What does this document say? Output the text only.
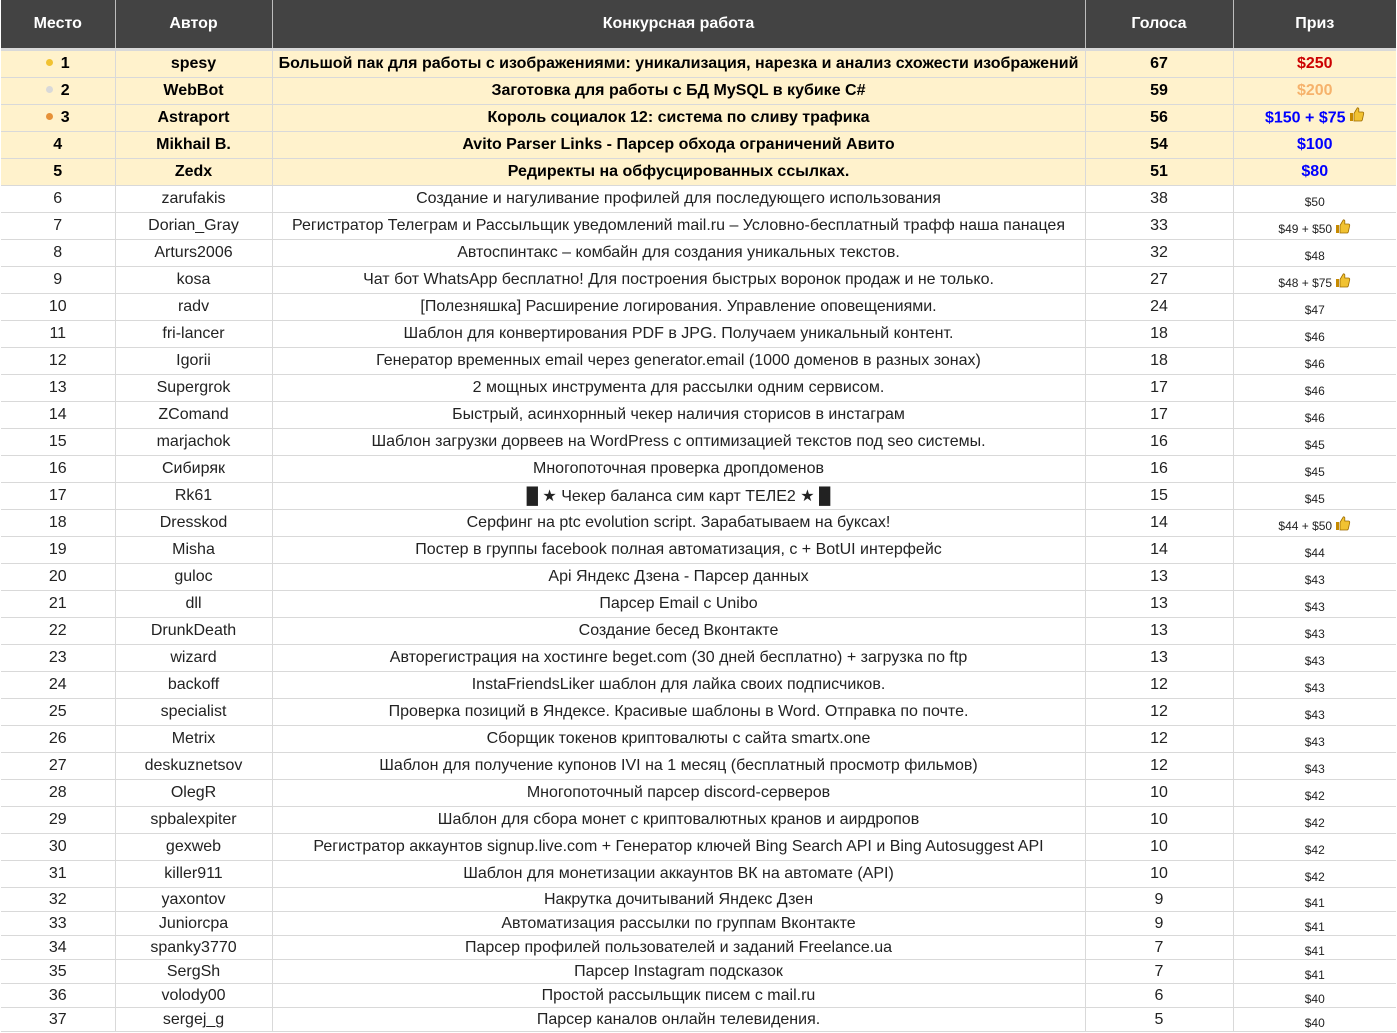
Место	Автор	Конкурсная работа	Голоса	Приз

1	spesy	Большой пак для работы с изображениями: уникализация, нарезка и анализ схожести изображений	67	$250
2	WebBot	Заготовка для работы с БД MySQL в кубике C#	59	$200
3	Astraport	Король социалок 12: система по сливу трафика	56	$150 + $75
4	Mikhail B.	Avito Parser Links - Парсер обхода ограничений Авито	54	$100
5	Zedx	Редиректы на обфусцированных ссылках.	51	$80
6	zarufakis	Создание и нагуливание профилей для последующего использования	38	$50
7	Dorian_Gray	Регистратор Телеграм и Рассыльщик уведомлений mail.ru – Условно-бесплатный трафф наша панацея	33	$49 + $50
8	Arturs2006	Автоспинтакс – комбайн для создания уникальных текстов.	32	$48
9	kosa	Чат бот WhatsApp бесплатно! Для построения быстрых воронок продаж и не только.	27	$48 + $75
10	radv	[Полезняшка] Расширение логирования. Управление оповещениями.	24	$47
11	fri-lancer	Шаблон для конвертирования PDF в JPG. Получаем уникальный контент.	18	$46
12	Igorii	Генератор временных email через generator.email (1000 доменов в разных зонах)	18	$46
13	Supergrok	2 мощных инструмента для рассылки одним сервисом.	17	$46
14	ZComand	Быстрый, асинхорнный чекер наличия сторисов в инстаграм	17	$46
15	marjachok	Шаблон загрузки дорвеев на WordPress с оптимизацией текстов под seo системы.	16	$45
16	Сибиряк	Многопоточная проверка дропдоменов	16	$45
17	Rk61	█ ★ Чекер баланса сим карт ТЕЛЕ2 ★ █	15	$45
18	Dresskod	Серфинг на ptc evolution script. Зарабатываем на буксах!	14	$44 + $50
19	Misha	Постер в группы facebook полная автоматизация, с + BotUI интерфейс	14	$44
20	guloc	Api Яндекс Дзена - Парсер данных	13	$43
21	dll	Парсер Email с Unibo	13	$43
22	DrunkDeath	Создание бесед Вконтакте	13	$43
23	wizard	Авторегистрация на хостинге beget.com (30 дней бесплатно) + загрузка по ftp	13	$43
24	backoff	InstaFriendsLiker шаблон для лайка своих подписчиков.	12	$43
25	specialist	Проверка позиций в Яндексе. Красивые шаблоны в Word. Отправка по почте.	12	$43
26	Metrix	Сборщик токенов криптовалюты с сайта smartx.one	12	$43
27	deskuznetsov	Шаблон для получение купонов IVI на 1 месяц (бесплатный просмотр фильмов)	12	$43
28	OlegR	Многопоточный парсер discord-серверов	10	$42
29	spbalexpiter	Шаблон для сбора монет с криптовалютных кранов и аирдропов	10	$42
30	gexweb	Регистратор аккаунтов signup.live.com + Генератор ключей Bing Search API и Bing Autosuggest API	10	$42
31	killer911	Шаблон для монетизации аккаунтов ВК на автомате (API)	10	$42
32	yaxontov	Накрутка дочитываний Яндекс Дзен	9	$41
33	Juniorcpa	Автоматизация рассылки по группам Вконтакте	9	$41
34	spanky3770	Парсер профилей пользователей и заданий Freelance.ua	7	$41
35	SergSh	Парсер Instagram подсказок	7	$41
36	volody00	Простой рассыльщик писем с mail.ru	6	$40
37	sergej_g	Парсер каналов онлайн телевидения.	5	$40
